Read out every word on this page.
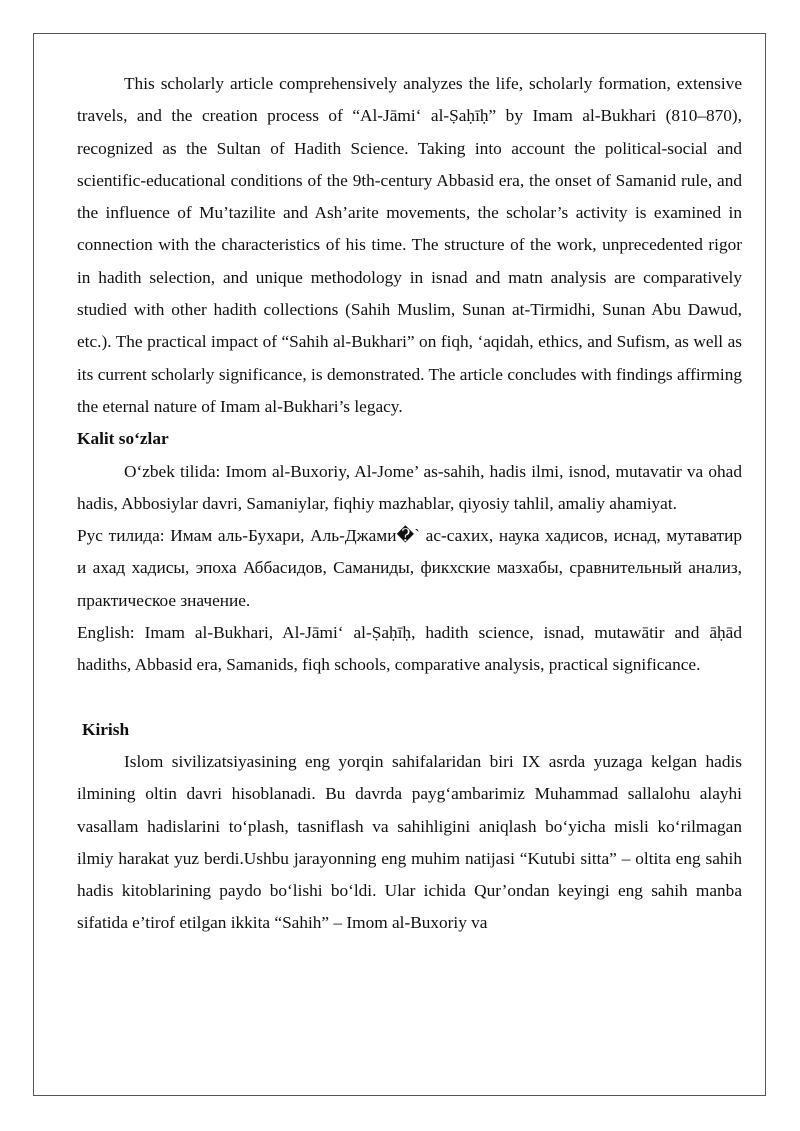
This scholarly article comprehensively analyzes the life, scholarly formation, extensive travels, and the creation process of “Al-Jāmi‘ al-Ṣaḥīḥ” by Imam al-Bukhari (810–870), recognized as the Sultan of Hadith Science. Taking into account the political-social and scientific-educational conditions of the 9th-century Abbasid era, the onset of Samanid rule, and the influence of Mu’tazilite and Ash’arite movements, the scholar’s activity is examined in connection with the characteristics of his time. The structure of the work, unprecedented rigor in hadith selection, and unique methodology in isnad and matn analysis are comparatively studied with other hadith collections (Sahih Muslim, Sunan at-Tirmidhi, Sunan Abu Dawud, etc.). The practical impact of “Sahih al-Bukhari” on fiqh, ‘aqidah, ethics, and Sufism, as well as its current scholarly significance, is demonstrated. The article concludes with findings affirming the eternal nature of Imam al-Bukhari’s legacy.

Kalit so‘zlar

O‘zbek tilida: Imom al-Buxoriy, Al-Jome’ as-sahih, hadis ilmi, isnod, mutavatir va ohad hadis, Abbosiylar davri, Samaniylar, fiqhiy mazhablar, qiyosiy tahlil, amaliy ahamiyat.

Рус тилида: Имам аль-Бухари, Аль-Джами�`‎ ас-сахих, наука хадисов, иснад, мутаватир и ахад хадисы, эпоха Аббасидов, Саманиды, фикхские мазхабы, сравнительный анализ, практическое значение.

English: Imam al-Bukhari, Al-Jāmi‘ al-Ṣaḥīḥ, hadith science, isnad, mutawātir and āḥād hadiths, Abbasid era, Samanids, fiqh schools, comparative analysis, practical significance.

Kirish

Islom sivilizatsiyasining eng yorqin sahifalaridan biri IX asrda yuzaga kelgan hadis ilmining oltin davri hisoblanadi. Bu davrda payg‘ambarimiz Muhammad sallalohu alayhi vasallam hadislarini to‘plash, tasniflash va sahihligini aniqlash bo‘yicha misli ko‘rilmagan ilmiy harakat yuz berdi.Ushbu jarayonning eng muhim natijasi “Kutubi sitta” – oltita eng sahih hadis kitoblarining paydo bo‘lishi bo‘ldi. Ular ichida Qur’ondan keyingi eng sahih manba sifatida e’tirof etilgan ikkita “Sahih” – Imom al-Buxoriy va
